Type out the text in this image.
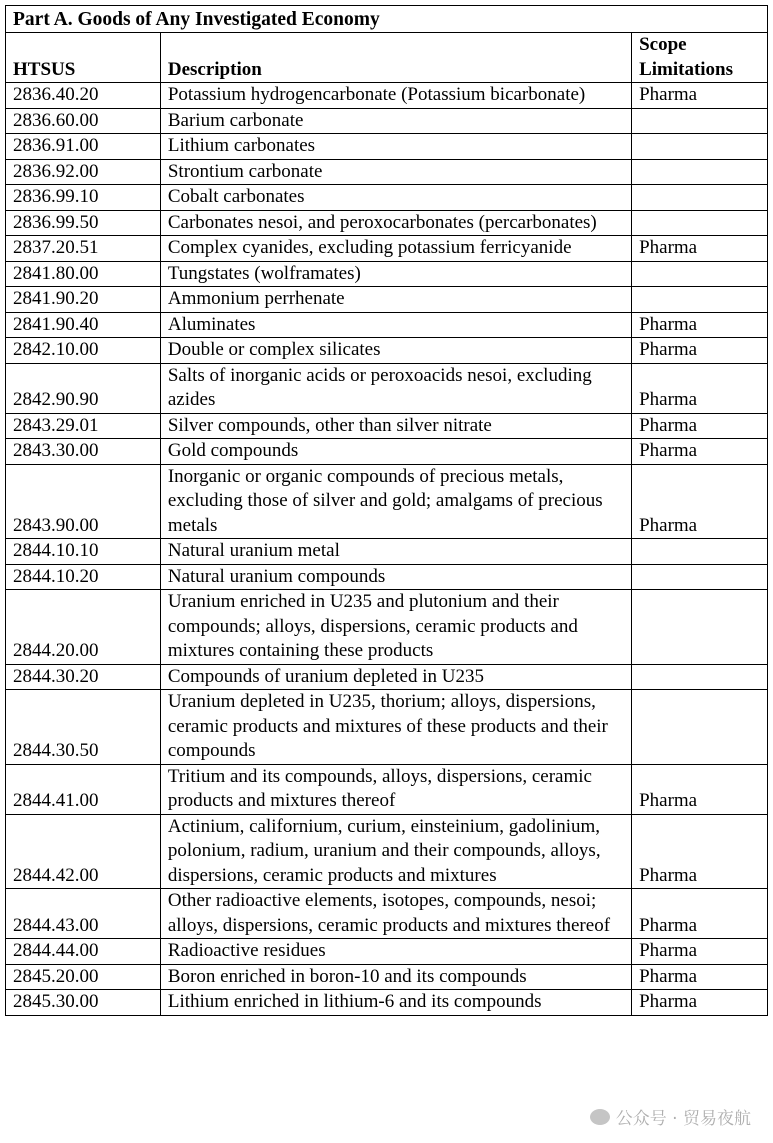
Part A. Goods of Any Investigated Economy		
HTSUS	Description	Scope Limitations
2836.40.20	Potassium hydrogencarbonate (Potassium bicarbonate)	Pharma
2836.60.00	Barium carbonate	
2836.91.00	Lithium carbonates	
2836.92.00	Strontium carbonate	
2836.99.10	Cobalt carbonates	
2836.99.50	Carbonates nesoi, and peroxocarbonates (percarbonates)	
2837.20.51	Complex cyanides, excluding potassium ferricyanide	Pharma
2841.80.00	Tungstates (wolframates)	
2841.90.20	Ammonium perrhenate	
2841.90.40	Aluminates	Pharma
2842.10.00	Double or complex silicates	Pharma
2842.90.90	Salts of inorganic acids or peroxoacids nesoi, excluding azides	Pharma
2843.29.01	Silver compounds, other than silver nitrate	Pharma
2843.30.00	Gold compounds	Pharma
2843.90.00	Inorganic or organic compounds of precious metals, excluding those of silver and gold; amalgams of precious metals	Pharma
2844.10.10	Natural uranium metal	
2844.10.20	Natural uranium compounds	
2844.20.00	Uranium enriched in U235 and plutonium and their compounds; alloys, dispersions, ceramic products and mixtures containing these products	
2844.30.20	Compounds of uranium depleted in U235	
2844.30.50	Uranium depleted in U235, thorium; alloys, dispersions, ceramic products and mixtures of these products and their compounds	
2844.41.00	Tritium and its compounds, alloys, dispersions, ceramic products and mixtures thereof	Pharma
2844.42.00	Actinium, californium, curium, einsteinium, gadolinium, polonium, radium, uranium and their compounds, alloys, dispersions, ceramic products and mixtures	Pharma
2844.43.00	Other radioactive elements, isotopes, compounds, nesoi; alloys, dispersions, ceramic products and mixtures thereof	Pharma
2844.44.00	Radioactive residues	Pharma
2845.20.00	Boron enriched in boron-10 and its compounds	Pharma
2845.30.00	Lithium enriched in lithium-6 and its compounds	Pharma
公众号 · 贸易夜航
